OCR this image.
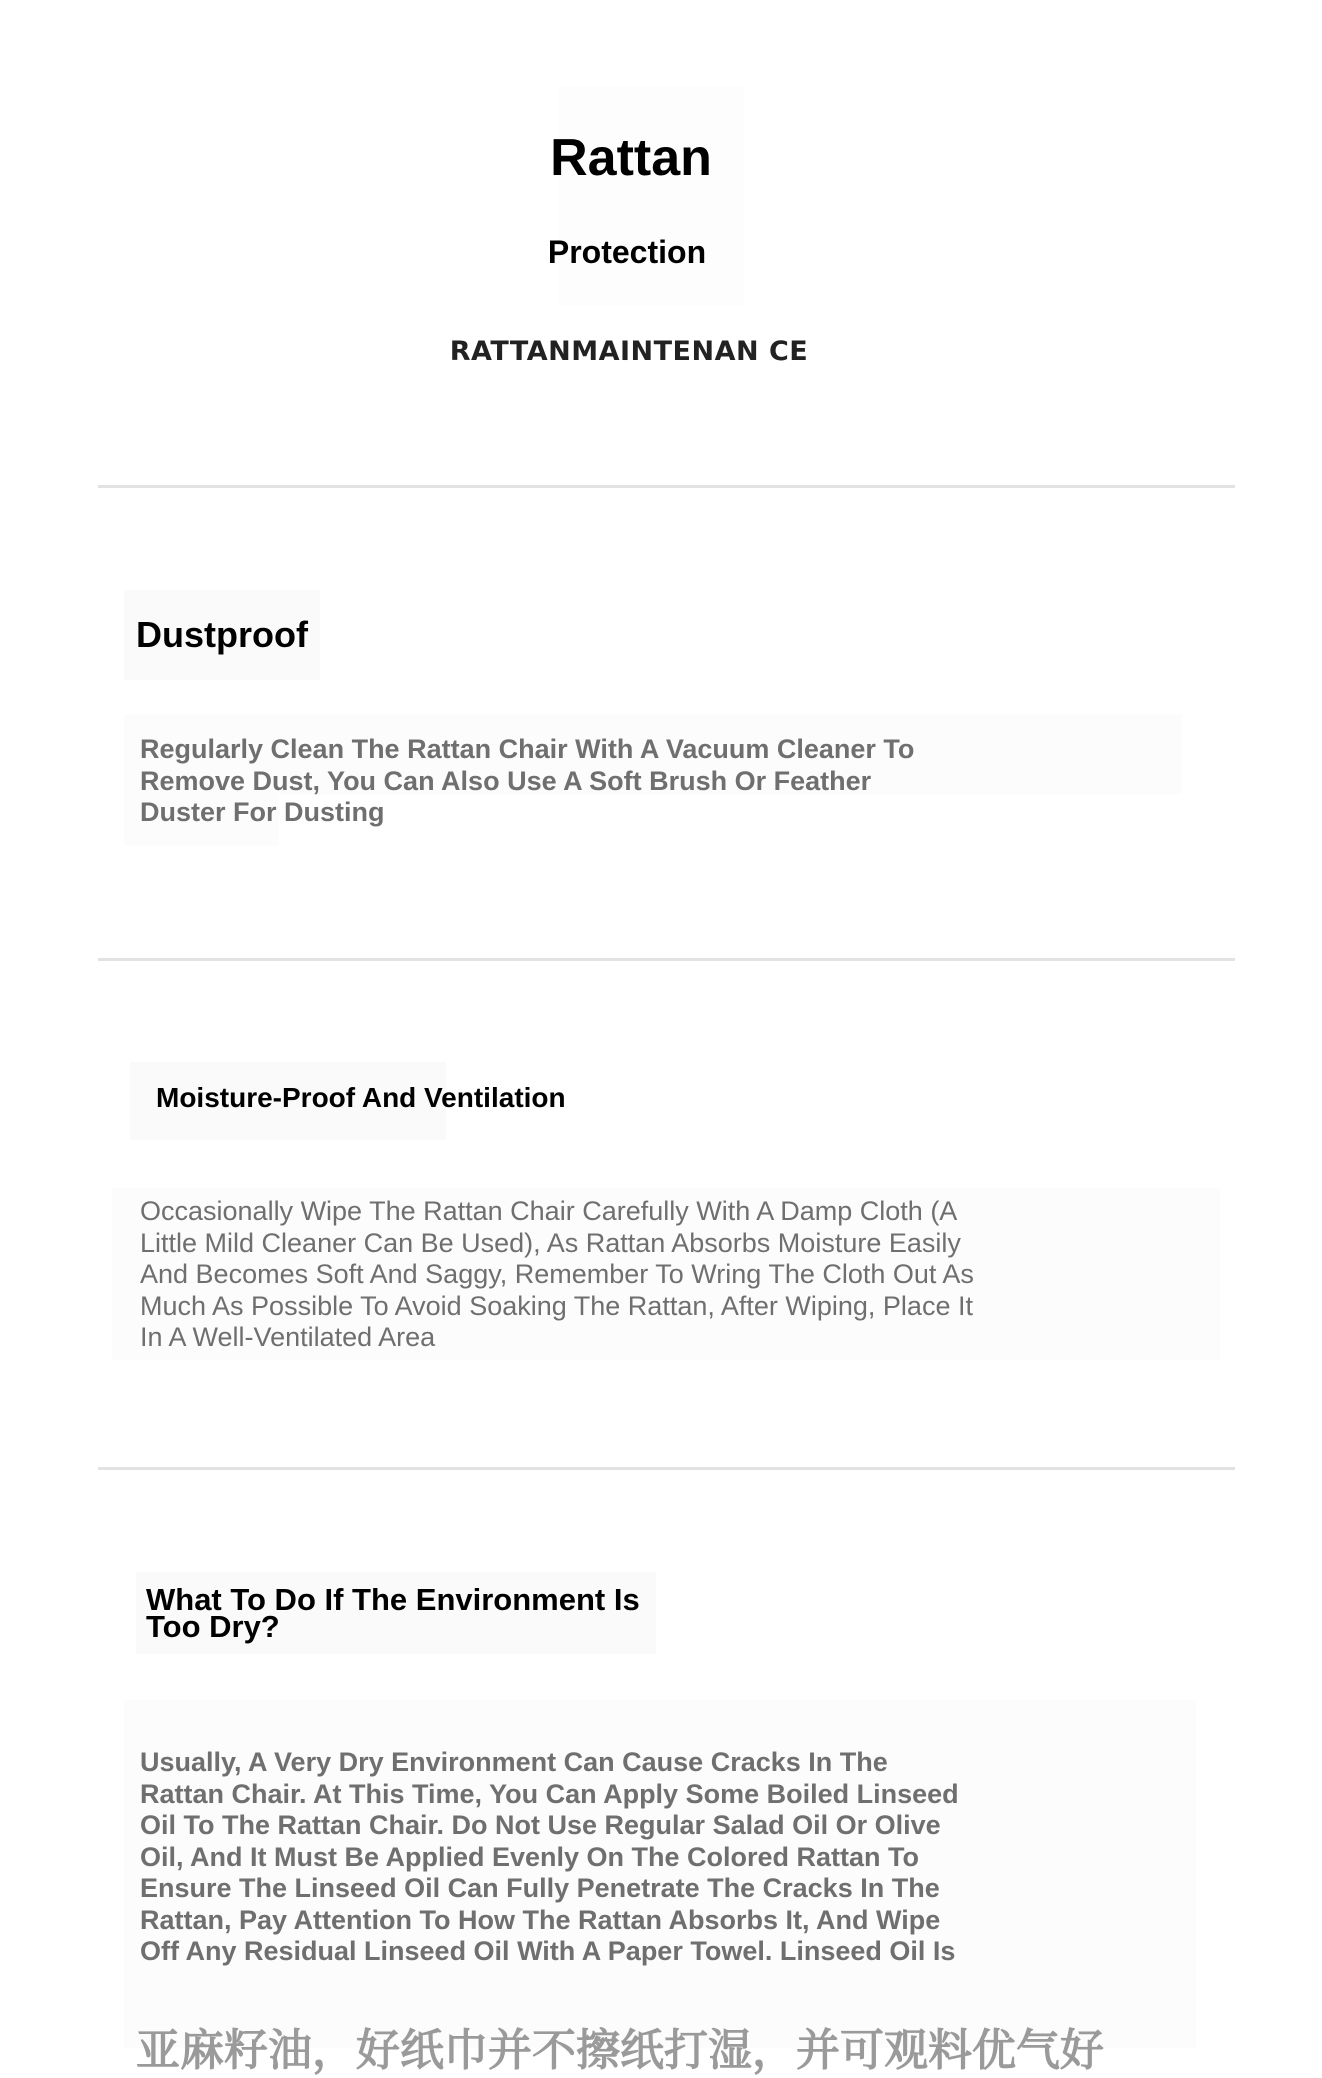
Rattan
Protection
RATTANMAINTENAN CE
Dustproof
Regularly Clean The Rattan Chair With A Vacuum Cleaner To
Remove Dust, You Can Also Use A Soft Brush Or Feather
Duster For Dusting
Moisture-Proof And Ventilation
Occasionally Wipe The Rattan Chair Carefully With A Damp Cloth (A
Little Mild Cleaner Can Be Used), As Rattan Absorbs Moisture Easily
And Becomes Soft And Saggy, Remember To Wring The Cloth Out As
Much As Possible To Avoid Soaking The Rattan, After Wiping, Place It
In A Well-Ventilated Area
What To Do If The Environment Is
Too Dry?
Usually, A Very Dry Environment Can Cause Cracks In The
Rattan Chair. At This Time, You Can Apply Some Boiled Linseed
Oil To The Rattan Chair. Do Not Use Regular Salad Oil Or Olive
Oil, And It Must Be Applied Evenly On The Colored Rattan To
Ensure The Linseed Oil Can Fully Penetrate The Cracks In The
Rattan, Pay Attention To How The Rattan Absorbs It, And Wipe
Off Any Residual Linseed Oil With A Paper Towel. Linseed Oil Is
亚麻籽油，好纸巾并不擦纸打湿，并可观料优气好
